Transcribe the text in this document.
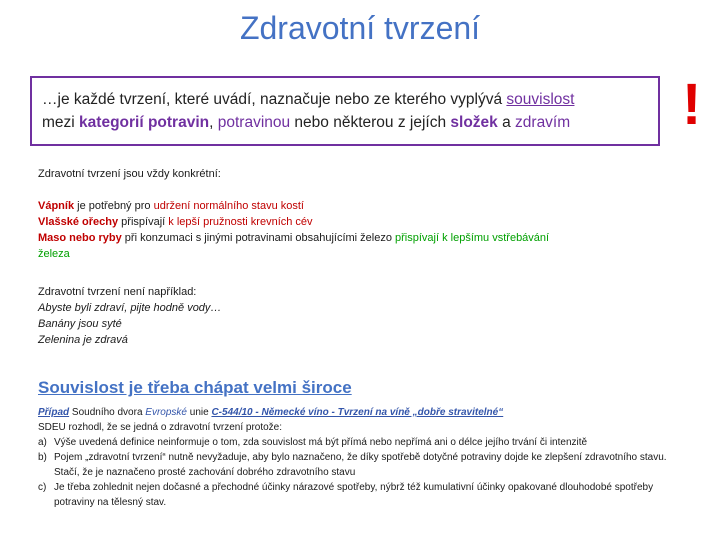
Zdravotní tvrzení
…je každé tvrzení, které uvádí, naznačuje nebo ze kterého vyplývá souvislost
mezi kategorií potravin, potravinou nebo některou z jejích složek a zdravím	!
Zdravotní tvrzení jsou vždy konkrétní:
Vápník je potřebný pro udržení normálního stavu kostí
Vlašské ořechy přispívají k lepší pružnosti krevních cév
Maso nebo ryby při konzumaci s jinými potravinami obsahujícími železo přispívají k lepšímu vstřebávání
železa
Zdravotní tvrzení není například:
Abyste byli zdraví, pijte hodně vody…
Banány jsou syté
Zelenina je zdravá
Souvislost je třeba chápat velmi široce
Případ Soudního dvora Evropské unie C-544/10 - Německé víno - Tvrzení na víně „dobře stravitelné“
SDEU rozhodl, že se jedná o zdravotní tvrzení protože:
a) Výše uvedená definice neinformuje o tom, zda souvislost má být přímá nebo nepřímá ani o délce jejího trvání či intenzitě
b) Pojem „zdravotní tvrzení“ nutně nevyžaduje, aby bylo naznačeno, že díky spotřebě dotyčné potraviny dojde ke zlepšení zdravotního stavu. Stačí, že je naznačeno prosté zachování dobrého zdravotního stavu
c) Je třeba zohlednit nejen dočasné a přechodné účinky nárazové spotřeby, nýbrž též kumulativní účinky opakované dlouhodobé spotřeby potraviny na tělesný stav.
